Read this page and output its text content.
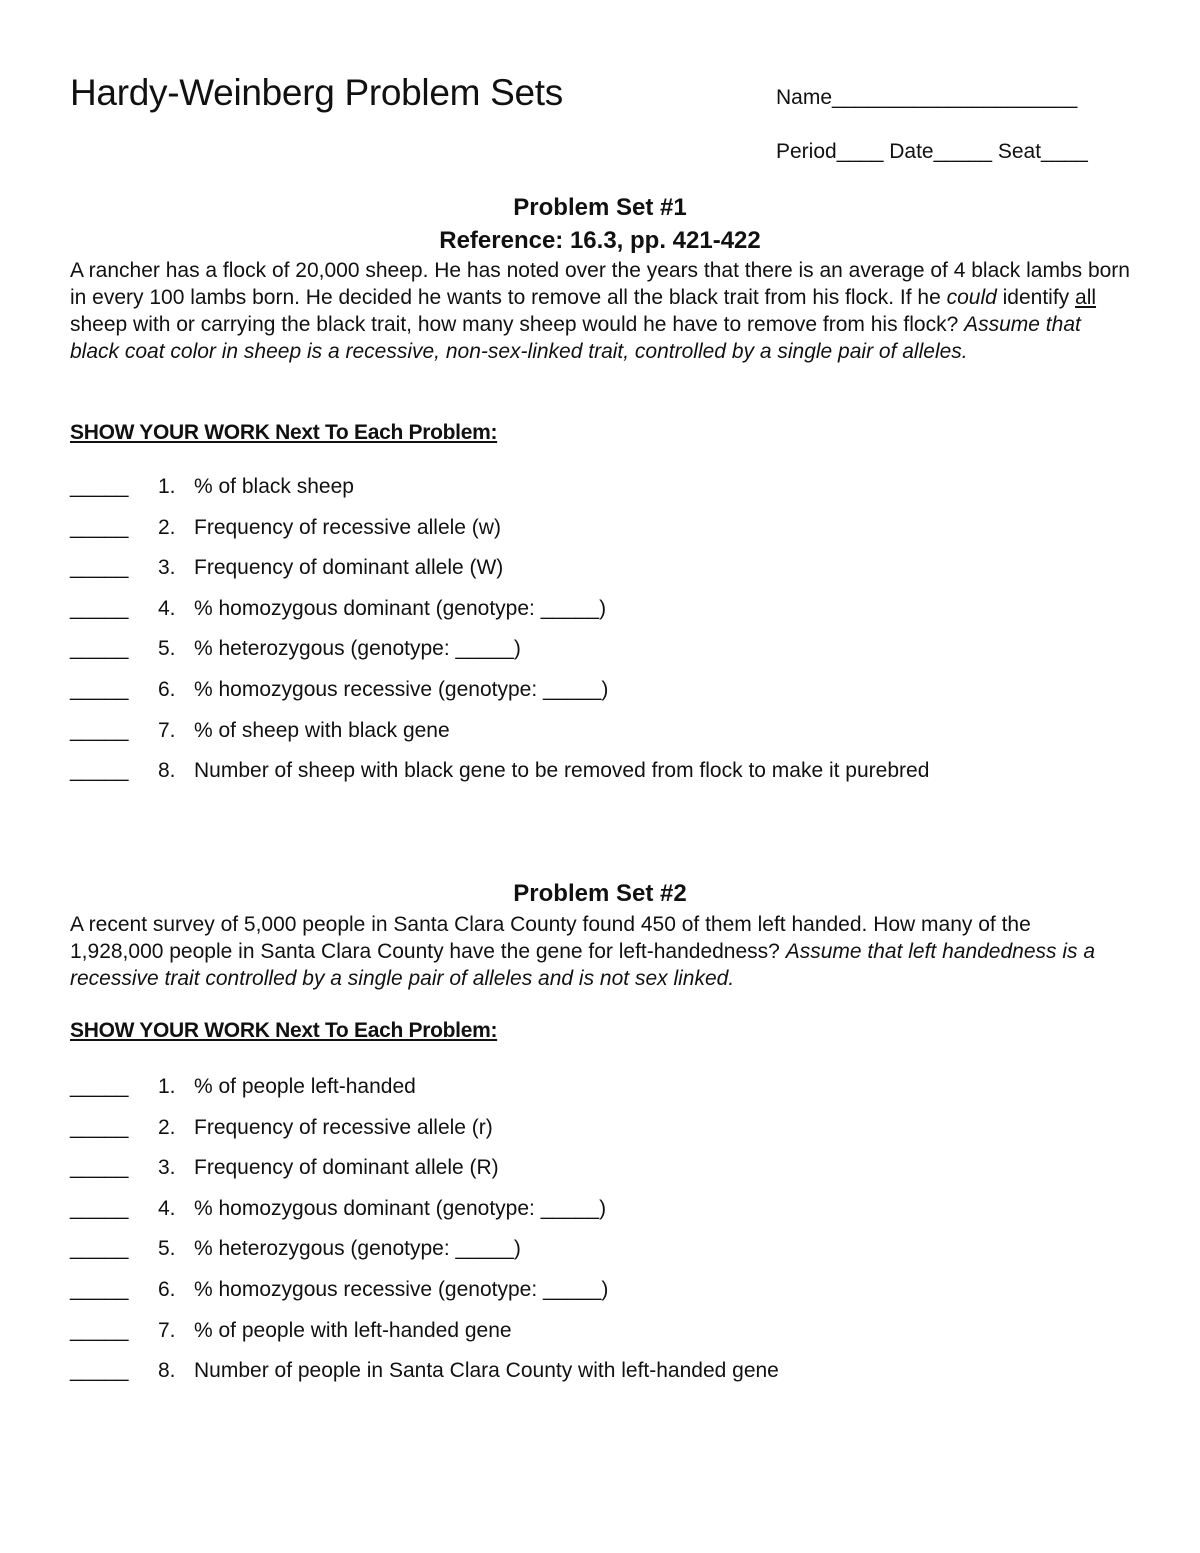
Hardy-Weinberg Problem Sets	Name_____________________
Period____ Date_____ Seat____
Problem Set #1
Reference: 16.3, pp. 421-422
A rancher has a flock of 20,000 sheep. He has noted over the years that there is an average of 4 black lambs born in every 100 lambs born. He decided he wants to remove all the black trait from his flock. If he could identify all sheep with or carrying the black trait, how many sheep would he have to remove from his flock? Assume that black coat color in sheep is a recessive, non-sex-linked trait, controlled by a single pair of alleles.
SHOW YOUR WORK Next To Each Problem:
_____ 1. % of black sheep
_____ 2. Frequency of recessive allele (w)
_____ 3. Frequency of dominant allele (W)
_____ 4. % homozygous dominant (genotype: _____)
_____ 5. % heterozygous (genotype: _____)
_____ 6. % homozygous recessive (genotype: _____)
_____ 7. % of sheep with black gene
_____ 8. Number of sheep with black gene to be removed from flock to make it purebred
Problem Set #2
A recent survey of 5,000 people in Santa Clara County found 450 of them left handed. How many of the 1,928,000 people in Santa Clara County have the gene for left-handedness? Assume that left handedness is a recessive trait controlled by a single pair of alleles and is not sex linked.
SHOW YOUR WORK Next To Each Problem:
_____ 1. % of people left-handed
_____ 2. Frequency of recessive allele (r)
_____ 3. Frequency of dominant allele (R)
_____ 4. % homozygous dominant (genotype: _____)
_____ 5. % heterozygous (genotype: _____)
_____ 6. % homozygous recessive (genotype: _____)
_____ 7. % of people with left-handed gene
_____ 8. Number of people in Santa Clara County with left-handed gene
